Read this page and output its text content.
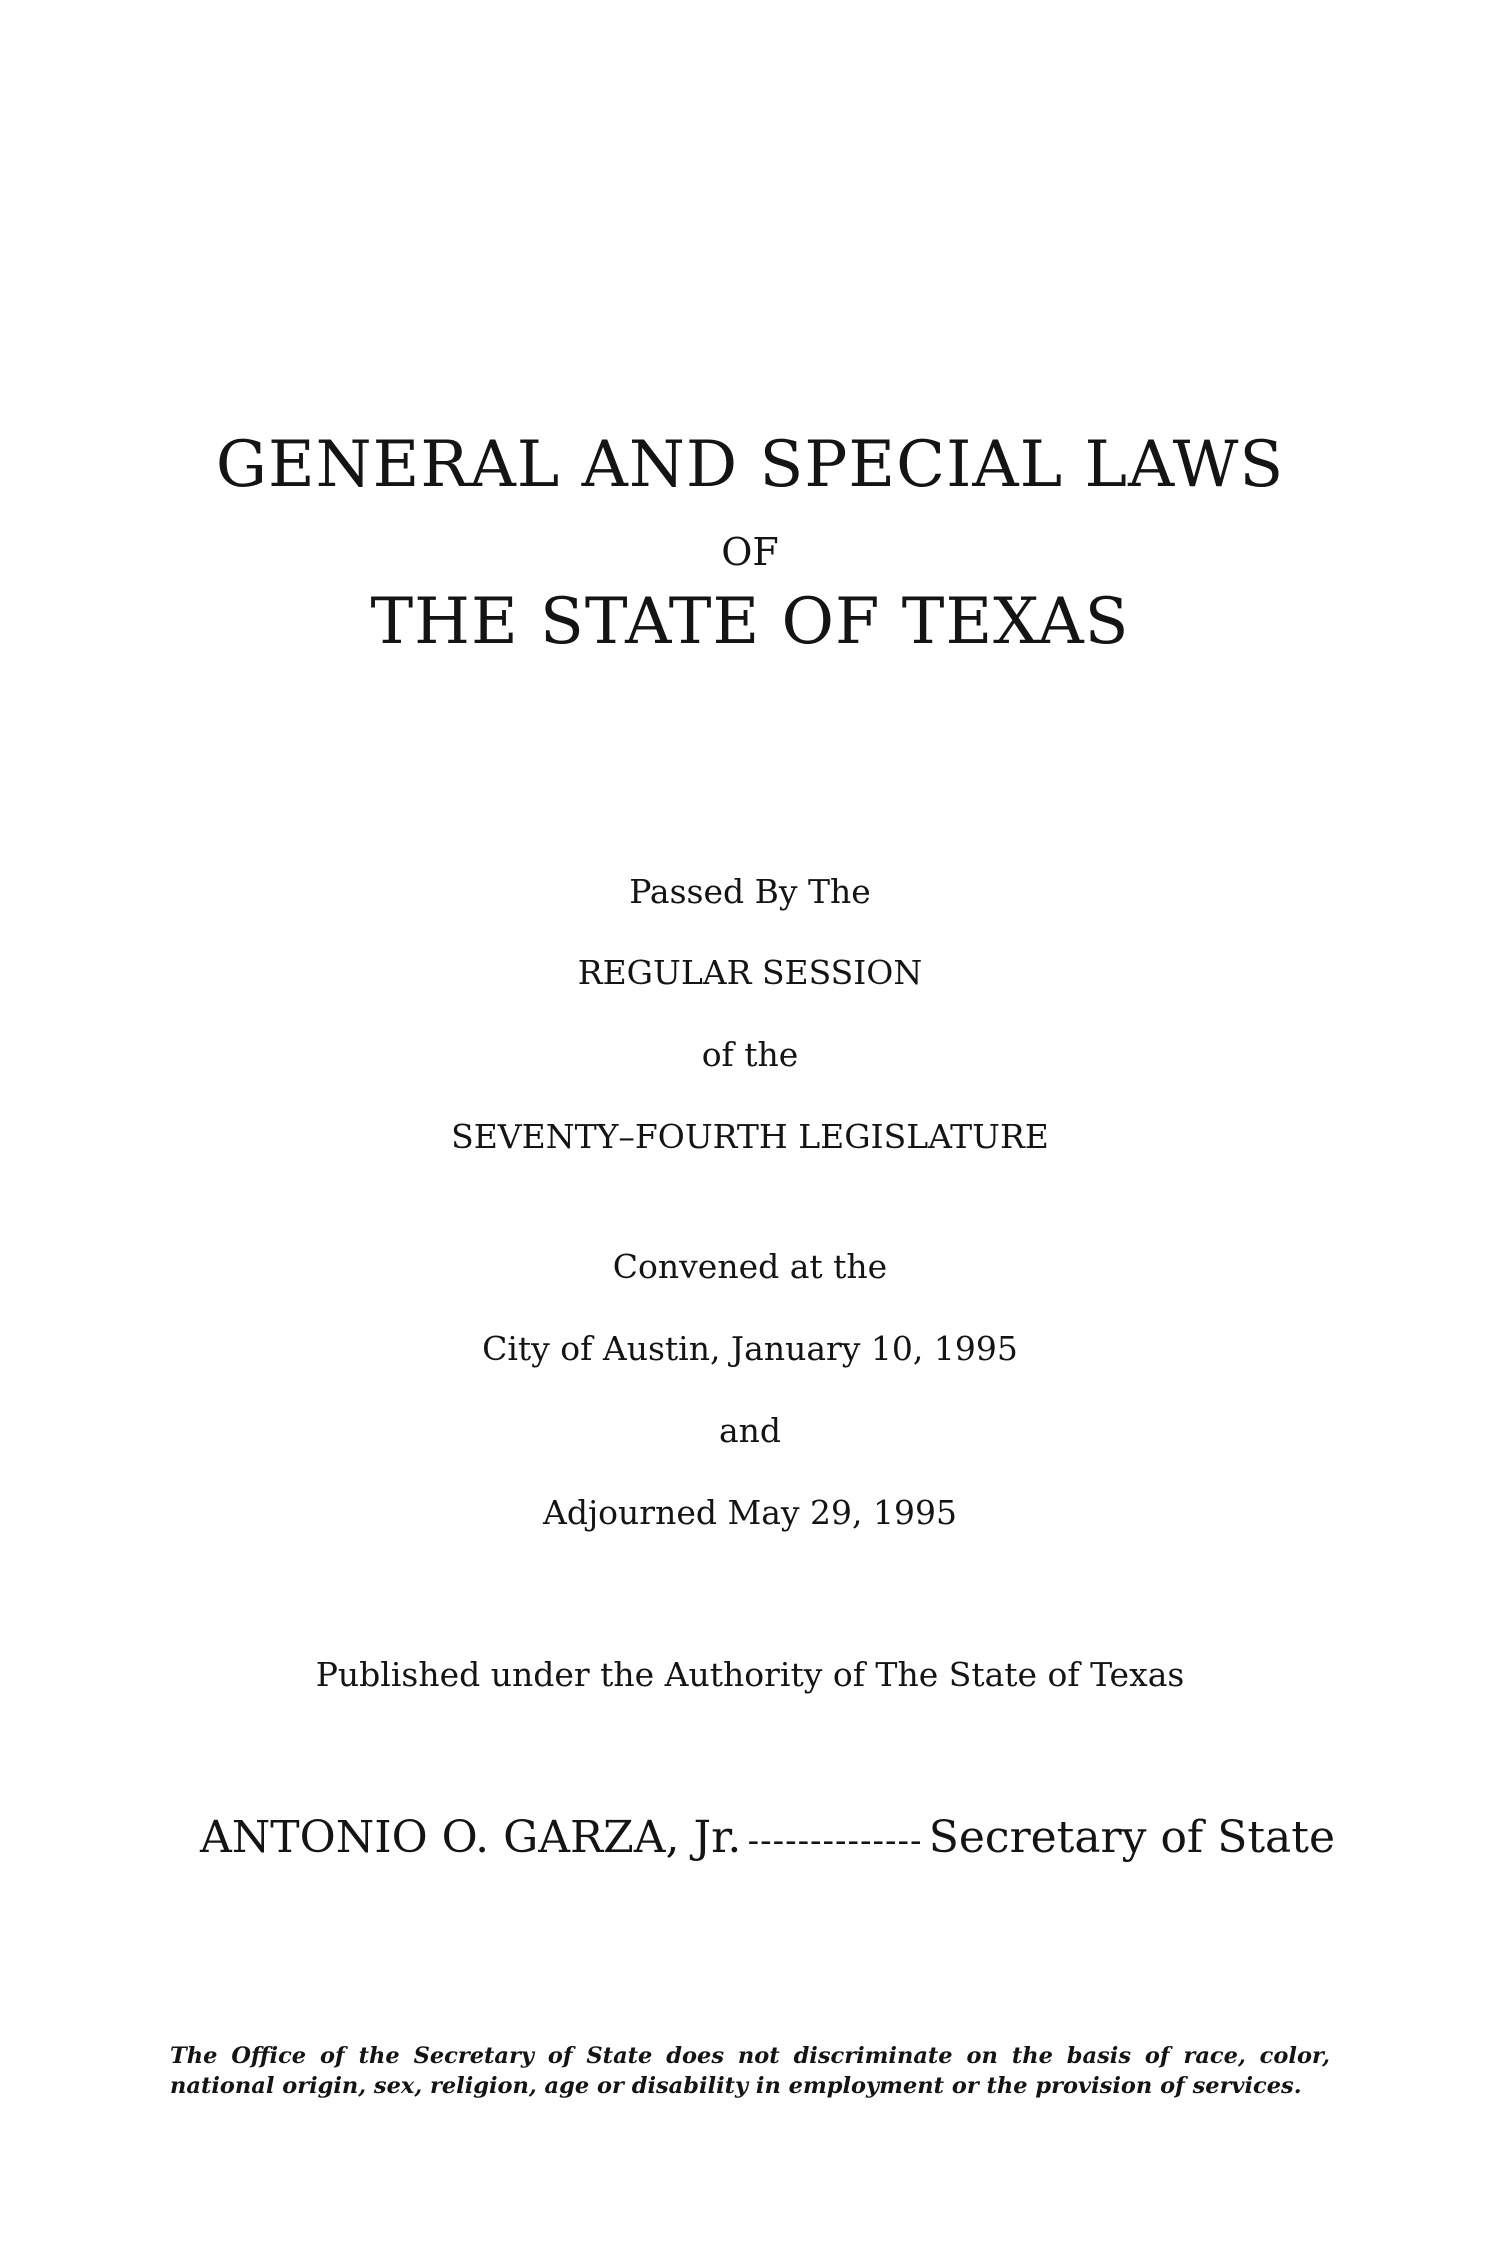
GENERAL AND SPECIAL LAWS
OF
THE STATE OF TEXAS
Passed By The
REGULAR SESSION
of the
SEVENTY–FOURTH LEGISLATURE
Convened at the
City of Austin, January 10, 1995
and
Adjourned May 29, 1995
Published under the Authority of The State of Texas
ANTONIO O. GARZA, Jr. -------------- Secretary of State

The Office of the Secretary of State does not discriminate on the basis of race, color, national origin, sex, religion, age or disability in employment or the provision of services.
